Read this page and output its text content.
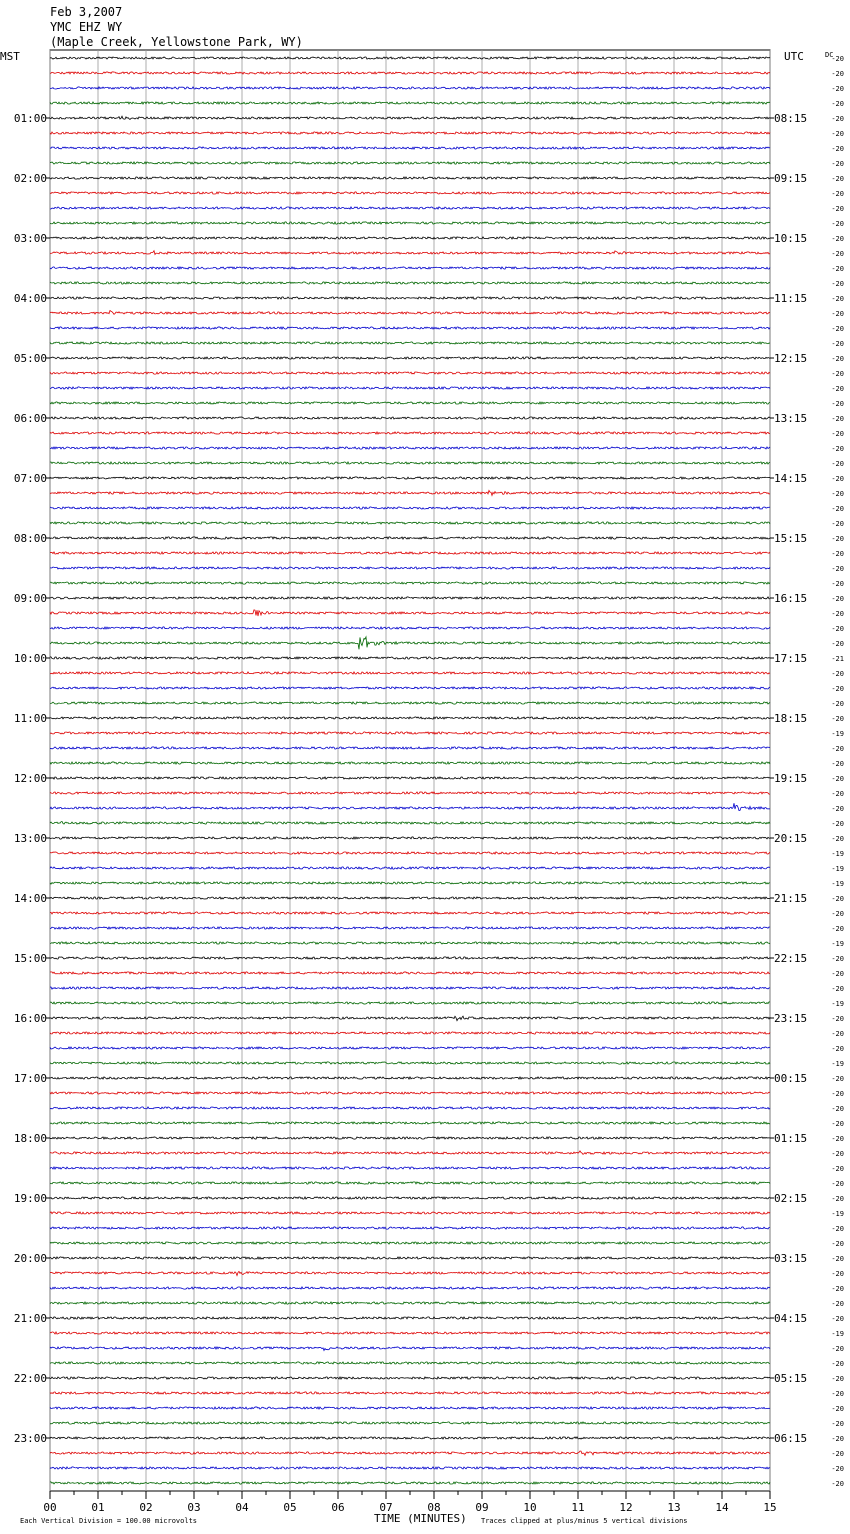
Feb 3,2007
YMC EHZ WY
(Maple Creek, Yellowstone Park, WY)
MST	UTC	DC
TIME (MINUTES)
Each Vertical Division = 100.00 microvolts	Traces clipped at plus/minus 5 vertical divisions
00	01	02	03	04	05	06	07	08	09	10	11	12	13	14	15
-20
-20
-20
-20
-20
-20
-20
-20
-20
-20
-20
-20
-20
-20
-20
-20
-20
-20
-20
-20
-20
-20
-20
-20
-20
-20
-20
-20
-20
-20
-20
-20
-20
-20
-20
-20
-20
-20
-20
-20
-21
-20
-20
-20
-20
-19
-20
-20
-20
-20
-20
-20
-20
-19
-19
-19
-20
-20
-20
-19
-20
-20
-20
-19
-20
-20
-20
-19
-20
-20
-20
-20
-20
-20
-20
-20
-20
-19
-20
-20
-20
-20
-20
-20
-20
-19
-20
-20
-20
-20
-20
-20
-20
-20
-20
-20
01:00
02:00
03:00
04:00
05:00
06:00
07:00
08:00
09:00
10:00
11:00
12:00
13:00
14:00
15:00
16:00
17:00
18:00
19:00
20:00
21:00
22:00
23:00
08:15
09:15
10:15
11:15
12:15
13:15
14:15
15:15
16:15
17:15
18:15
19:15
20:15
21:15
22:15
23:15
00:15
01:15
02:15
03:15
04:15
05:15
06:15
